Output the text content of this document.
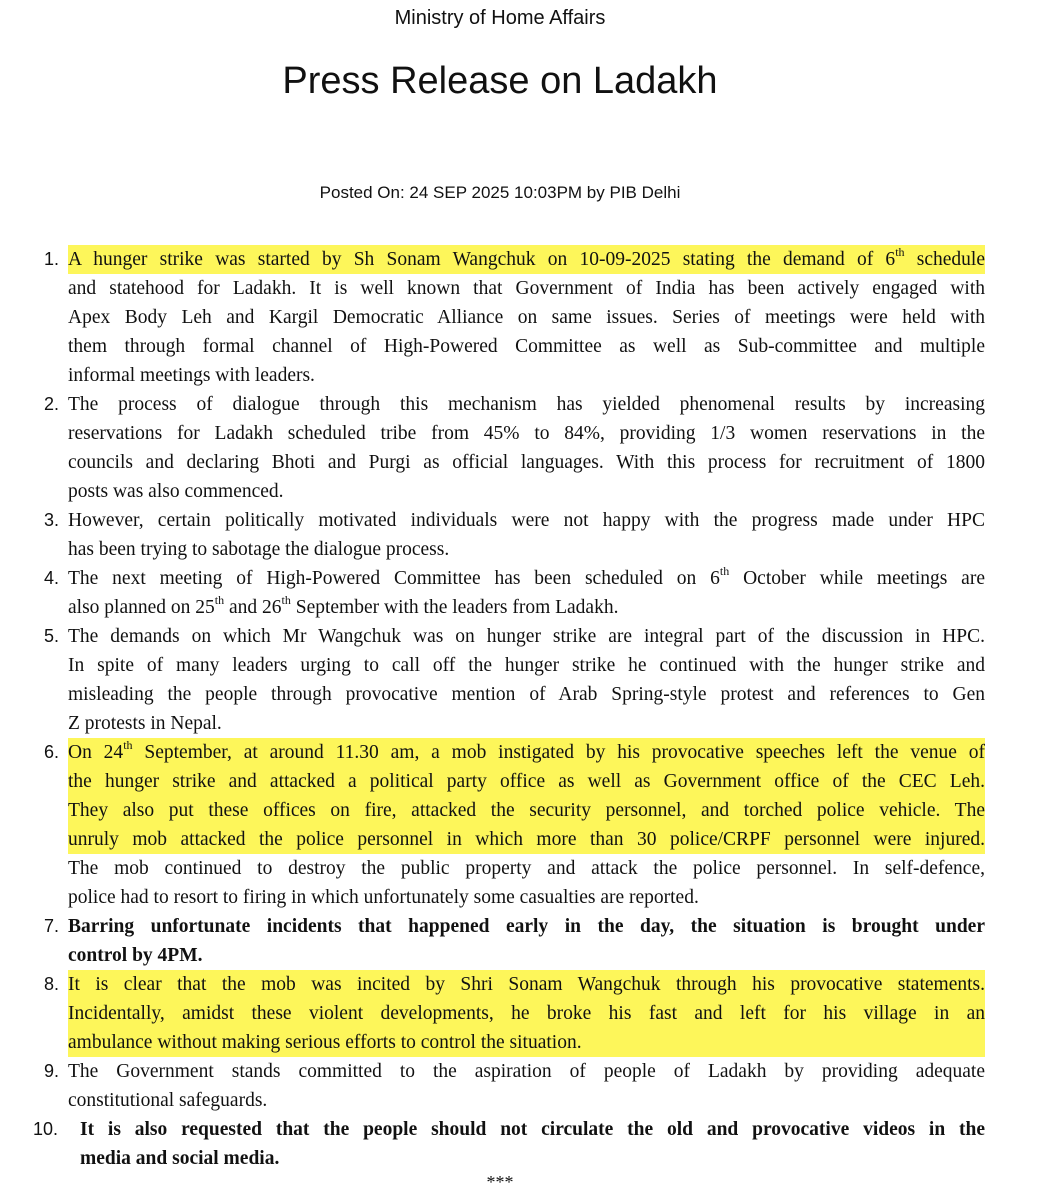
Ministry of Home Affairs
Press Release on Ladakh
Posted On: 24 SEP 2025 10:03PM by PIB Delhi
1. A hunger strike was started by Sh Sonam Wangchuk on 10-09-2025 stating the demand of 6th schedule
and statehood for Ladakh. It is well known that Government of India has been actively engaged with
Apex Body Leh and Kargil Democratic Alliance on same issues. Series of meetings were held with
them through formal channel of High-Powered Committee as well as Sub-committee and multiple
informal meetings with leaders.
2. The process of dialogue through this mechanism has yielded phenomenal results by increasing
reservations for Ladakh scheduled tribe from 45% to 84%, providing 1/3 women reservations in the
councils and declaring Bhoti and Purgi as official languages. With this process for recruitment of 1800
posts was also commenced.
3. However, certain politically motivated individuals were not happy with the progress made under HPC
has been trying to sabotage the dialogue process.
4. The next meeting of High-Powered Committee has been scheduled on 6th October while meetings are
also planned on 25th and 26th September with the leaders from Ladakh.
5. The demands on which Mr Wangchuk was on hunger strike are integral part of the discussion in HPC.
In spite of many leaders urging to call off the hunger strike he continued with the hunger strike and
misleading the people through provocative mention of Arab Spring-style protest and references to Gen
Z protests in Nepal.
6. On 24th September, at around 11.30 am, a mob instigated by his provocative speeches left the venue of
the hunger strike and attacked a political party office as well as Government office of the CEC Leh.
They also put these offices on fire, attacked the security personnel, and torched police vehicle. The
unruly mob attacked the police personnel in which more than 30 police/CRPF personnel were injured.
The mob continued to destroy the public property and attack the police personnel. In self-defence,
police had to resort to firing in which unfortunately some casualties are reported.
7. Barring unfortunate incidents that happened early in the day, the situation is brought under
control by 4PM.
8. It is clear that the mob was incited by Shri Sonam Wangchuk through his provocative statements.
Incidentally, amidst these violent developments, he broke his fast and left for his village in an
ambulance without making serious efforts to control the situation.
9. The Government stands committed to the aspiration of people of Ladakh by providing adequate
constitutional safeguards.
10. It is also requested that the people should not circulate the old and provocative videos in the
media and social media.
***
